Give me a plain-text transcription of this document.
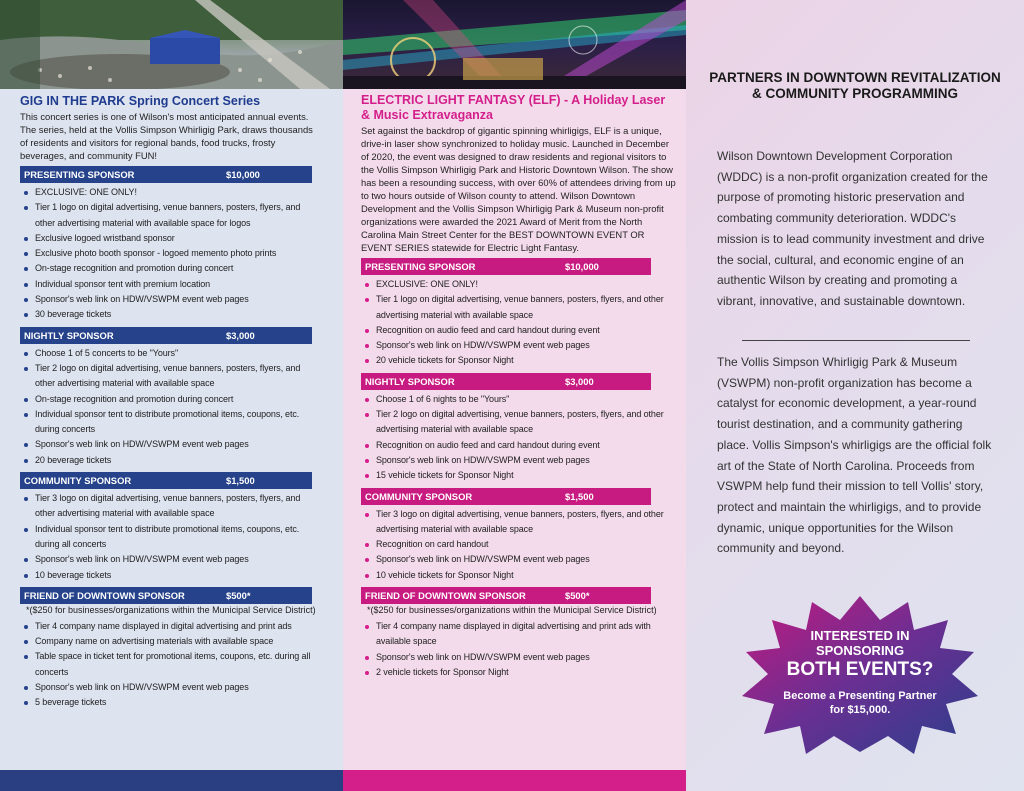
GIG IN THE PARK Spring Concert Series
This concert series is one of Wilson's most anticipated annual events. The series, held at the Vollis Simpson Whirligig Park, draws thousands of residents and visitors for regional bands, food trucks, frosty beverages, and community FUN!
PRESENTING SPONSOR	$10,000
EXCLUSIVE: ONE ONLY!
Tier 1 logo on digital advertising, venue banners, posters, flyers, and other advertising material with available space for logos
Exclusive logoed wristband sponsor
Exclusive photo booth sponsor - logoed memento photo prints
On-stage recognition and promotion during concert
Individual sponsor tent with premium location
Sponsor's web link on HDW/VSWPM event web pages
30 beverage tickets
NIGHTLY SPONSOR	$3,000
Choose 1 of 5 concerts to be "Yours"
Tier 2 logo on digital advertising, venue banners, posters, flyers, and other advertising material with available space
On-stage recognition and promotion during concert
Individual sponsor tent to distribute promotional items, coupons, etc. during concerts
Sponsor's web link on HDW/VSWPM event web pages
20 beverage tickets
COMMUNITY SPONSOR	$1,500
Tier 3 logo on digital advertising, venue banners, posters, flyers, and other advertising material with available space
Individual sponsor tent to distribute promotional items, coupons, etc. during all concerts
Sponsor's web link on HDW/VSWPM event web pages
10 beverage tickets
FRIEND OF DOWNTOWN SPONSOR	$500*
*($250 for businesses/organizations within the Municipal Service District)
Tier 4 company name displayed in digital advertising and print ads
Company name on advertising materials with available space
Table space in ticket tent for promotional items, coupons, etc. during all concerts
Sponsor's web link on HDW/VSWPM event web pages
5 beverage tickets
ELECTRIC LIGHT FANTASY (ELF) - A Holiday Laser & Music Extravaganza
Set against the backdrop of gigantic spinning whirligigs, ELF is a unique, drive-in laser show synchronized to holiday music. Launched in December of 2020, the event was designed to draw residents and regional visitors to the Vollis Simpson Whirligig Park and Historic Downtown Wilson. The show has been a resounding success, with over 60% of attendees driving from up to two hours outside of Wilson county to attend. Wilson Downtown Development and the Vollis Simpson Whirligig Park & Museum non-profit organizations were awarded the 2021 Award of Merit from the North Carolina Main Street Center for the BEST DOWNTOWN EVENT OR EVENT SERIES statewide for Electric Light Fantasy.
PRESENTING SPONSOR	$10,000
EXCLUSIVE: ONE ONLY!
Tier 1 logo on digital advertising, venue banners, posters, flyers, and other advertising material with available space
Recognition on audio feed and card handout during event
Sponsor's web link on HDW/VSWPM event web pages
20 vehicle tickets for Sponsor Night
NIGHTLY SPONSOR	$3,000
Choose 1 of 6 nights to be "Yours"
Tier 2 logo on digital advertising, venue banners, posters, flyers, and other advertising material with available space
Recognition on audio feed and card handout during event
Sponsor's web link on HDW/VSWPM event web pages
15 vehicle tickets for Sponsor Night
COMMUNITY SPONSOR	$1,500
Tier 3 logo on digital advertising, venue banners, posters, flyers, and other advertising material with available space
Recognition on card handout
Sponsor's web link on HDW/VSWPM event web pages
10 vehicle tickets for Sponsor Night
FRIEND OF DOWNTOWN SPONSOR	$500*
*($250 for businesses/organizations within the Municipal Service District)
Tier 4 company name displayed in digital advertising and print ads with available space
Sponsor's web link on HDW/VSWPM event web pages
2 vehicle tickets for Sponsor Night
PARTNERS IN DOWNTOWN REVITALIZATION & COMMUNITY PROGRAMMING
Wilson Downtown Development Corporation (WDDC) is a non-profit organization created for the purpose of promoting historic preservation and combating community deterioration. WDDC's mission is to lead community investment and drive the social, cultural, and economic engine of an authentic Wilson by creating and promoting a vibrant, innovative, and sustainable downtown.
The Vollis Simpson Whirligig Park & Museum (VSWPM) non-profit organization has become a catalyst for economic development, a year-round tourist destination, and a community gathering place. Vollis Simpson's whirligigs are the official folk art of the State of North Carolina. Proceeds from VSWPM help fund their mission to tell Vollis' story, protect and maintain the whirligigs, and to provide dynamic, unique opportunities for the Wilson community and beyond.
INTERESTED IN
SPONSORING
BOTH EVENTS?
Become a Presenting Partner
for $15,000.
